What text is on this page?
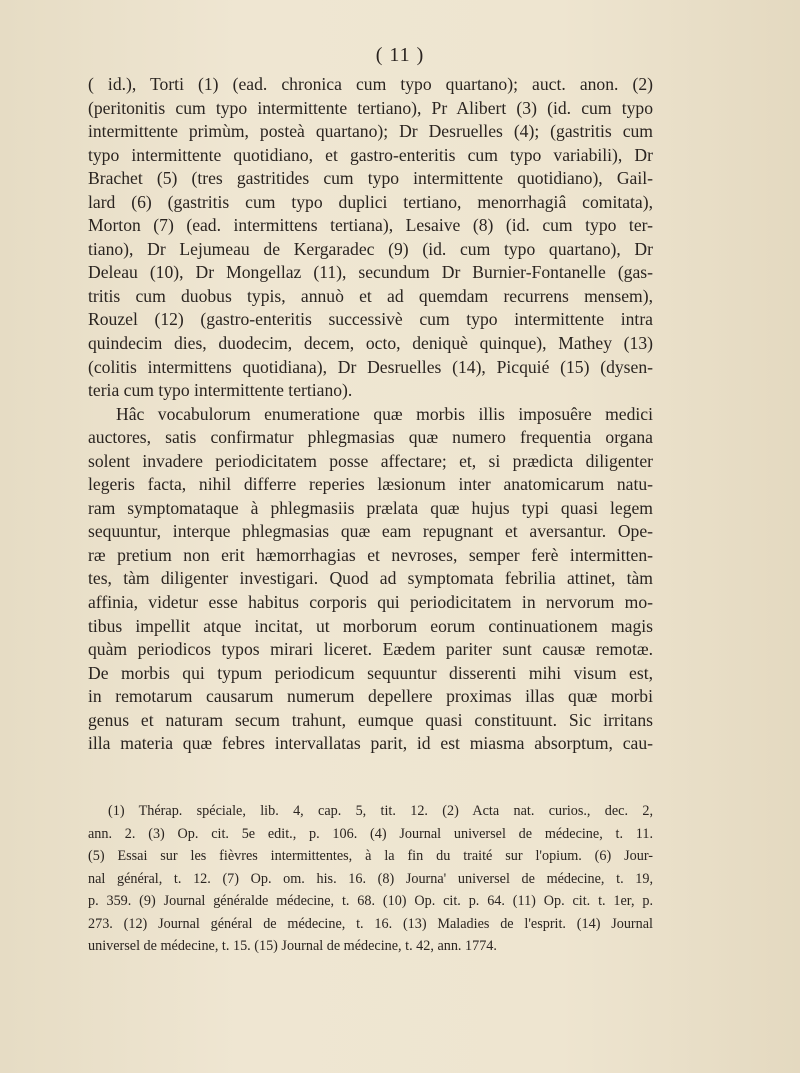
( 11 )
( id.), Torti (1) (ead. chronica cum typo quartano); auct. anon. (2)
(peritonitis cum typo intermittente tertiano), Pr Alibert (3) (id. cum typo
intermittente primùm, posteà quartano); Dr Desruelles (4); (gastritis cum
typo intermittente quotidiano, et gastro-enteritis cum typo variabili), Dr
Brachet (5) (tres gastritides cum typo intermittente quotidiano), Gail-
lard (6) (gastritis cum typo duplici tertiano, menorrhagiâ comitata),
Morton (7) (ead. intermittens tertiana), Lesaive (8) (id. cum typo ter-
tiano), Dr Lejumeau de Kergaradec (9) (id. cum typo quartano), Dr
Deleau (10), Dr Mongellaz (11), secundum Dr Burnier-Fontanelle (gas-
tritis cum duobus typis, annuò et ad quemdam recurrens mensem),
Rouzel (12) (gastro-enteritis successivè cum typo intermittente intra
quindecim dies, duodecim, decem, octo, deniquè quinque), Mathey (13)
(colitis intermittens quotidiana), Dr Desruelles (14), Picquié (15) (dysen-
teria cum typo intermittente tertiano).
Hâc vocabulorum enumeratione quæ morbis illis imposuêre medici
auctores, satis confirmatur phlegmasias quæ numero frequentia organa
solent invadere periodicitatem posse affectare; et, si prædicta diligenter
legeris facta, nihil differre reperies læsionum inter anatomicarum natu-
ram symptomataque à phlegmasiis prælata quæ hujus typi quasi legem
sequuntur, interque phlegmasias quæ eam repugnant et aversantur. Ope-
ræ pretium non erit hæmorrhagias et nevroses, semper ferè intermitten-
tes, tàm diligenter investigari. Quod ad symptomata febrilia attinet, tàm
affinia, videtur esse habitus corporis qui periodicitatem in nervorum mo-
tibus impellit atque incitat, ut morborum eorum continuationem magis
quàm periodicos typos mirari liceret. Eædem pariter sunt causæ remotæ.
De morbis qui typum periodicum sequuntur disserenti mihi visum est,
in remotarum causarum numerum depellere proximas illas quæ morbi
genus et naturam secum trahunt, eumque quasi constituunt. Sic irritans
illa materia quæ febres intervallatas parit, id est miasma absorptum, cau-
(1) Thérap. spéciale, lib. 4, cap. 5, tit. 12. (2) Acta nat. curios., dec. 2,
ann. 2. (3) Op. cit. 5e edit., p. 106. (4) Journal universel de médecine, t. 11.
(5) Essai sur les fièvres intermittentes, à la fin du traité sur l'opium. (6) Jour-
nal général, t. 12. (7) Op. om. his. 16. (8) Journa' universel de médecine, t. 19,
p. 359. (9) Journal généralde médecine, t. 68. (10) Op. cit. p. 64. (11) Op. cit. t. 1er, p.
273. (12) Journal général de médecine, t. 16. (13) Maladies de l'esprit. (14) Journal
universel de médecine, t. 15. (15) Journal de médecine, t. 42, ann. 1774.
